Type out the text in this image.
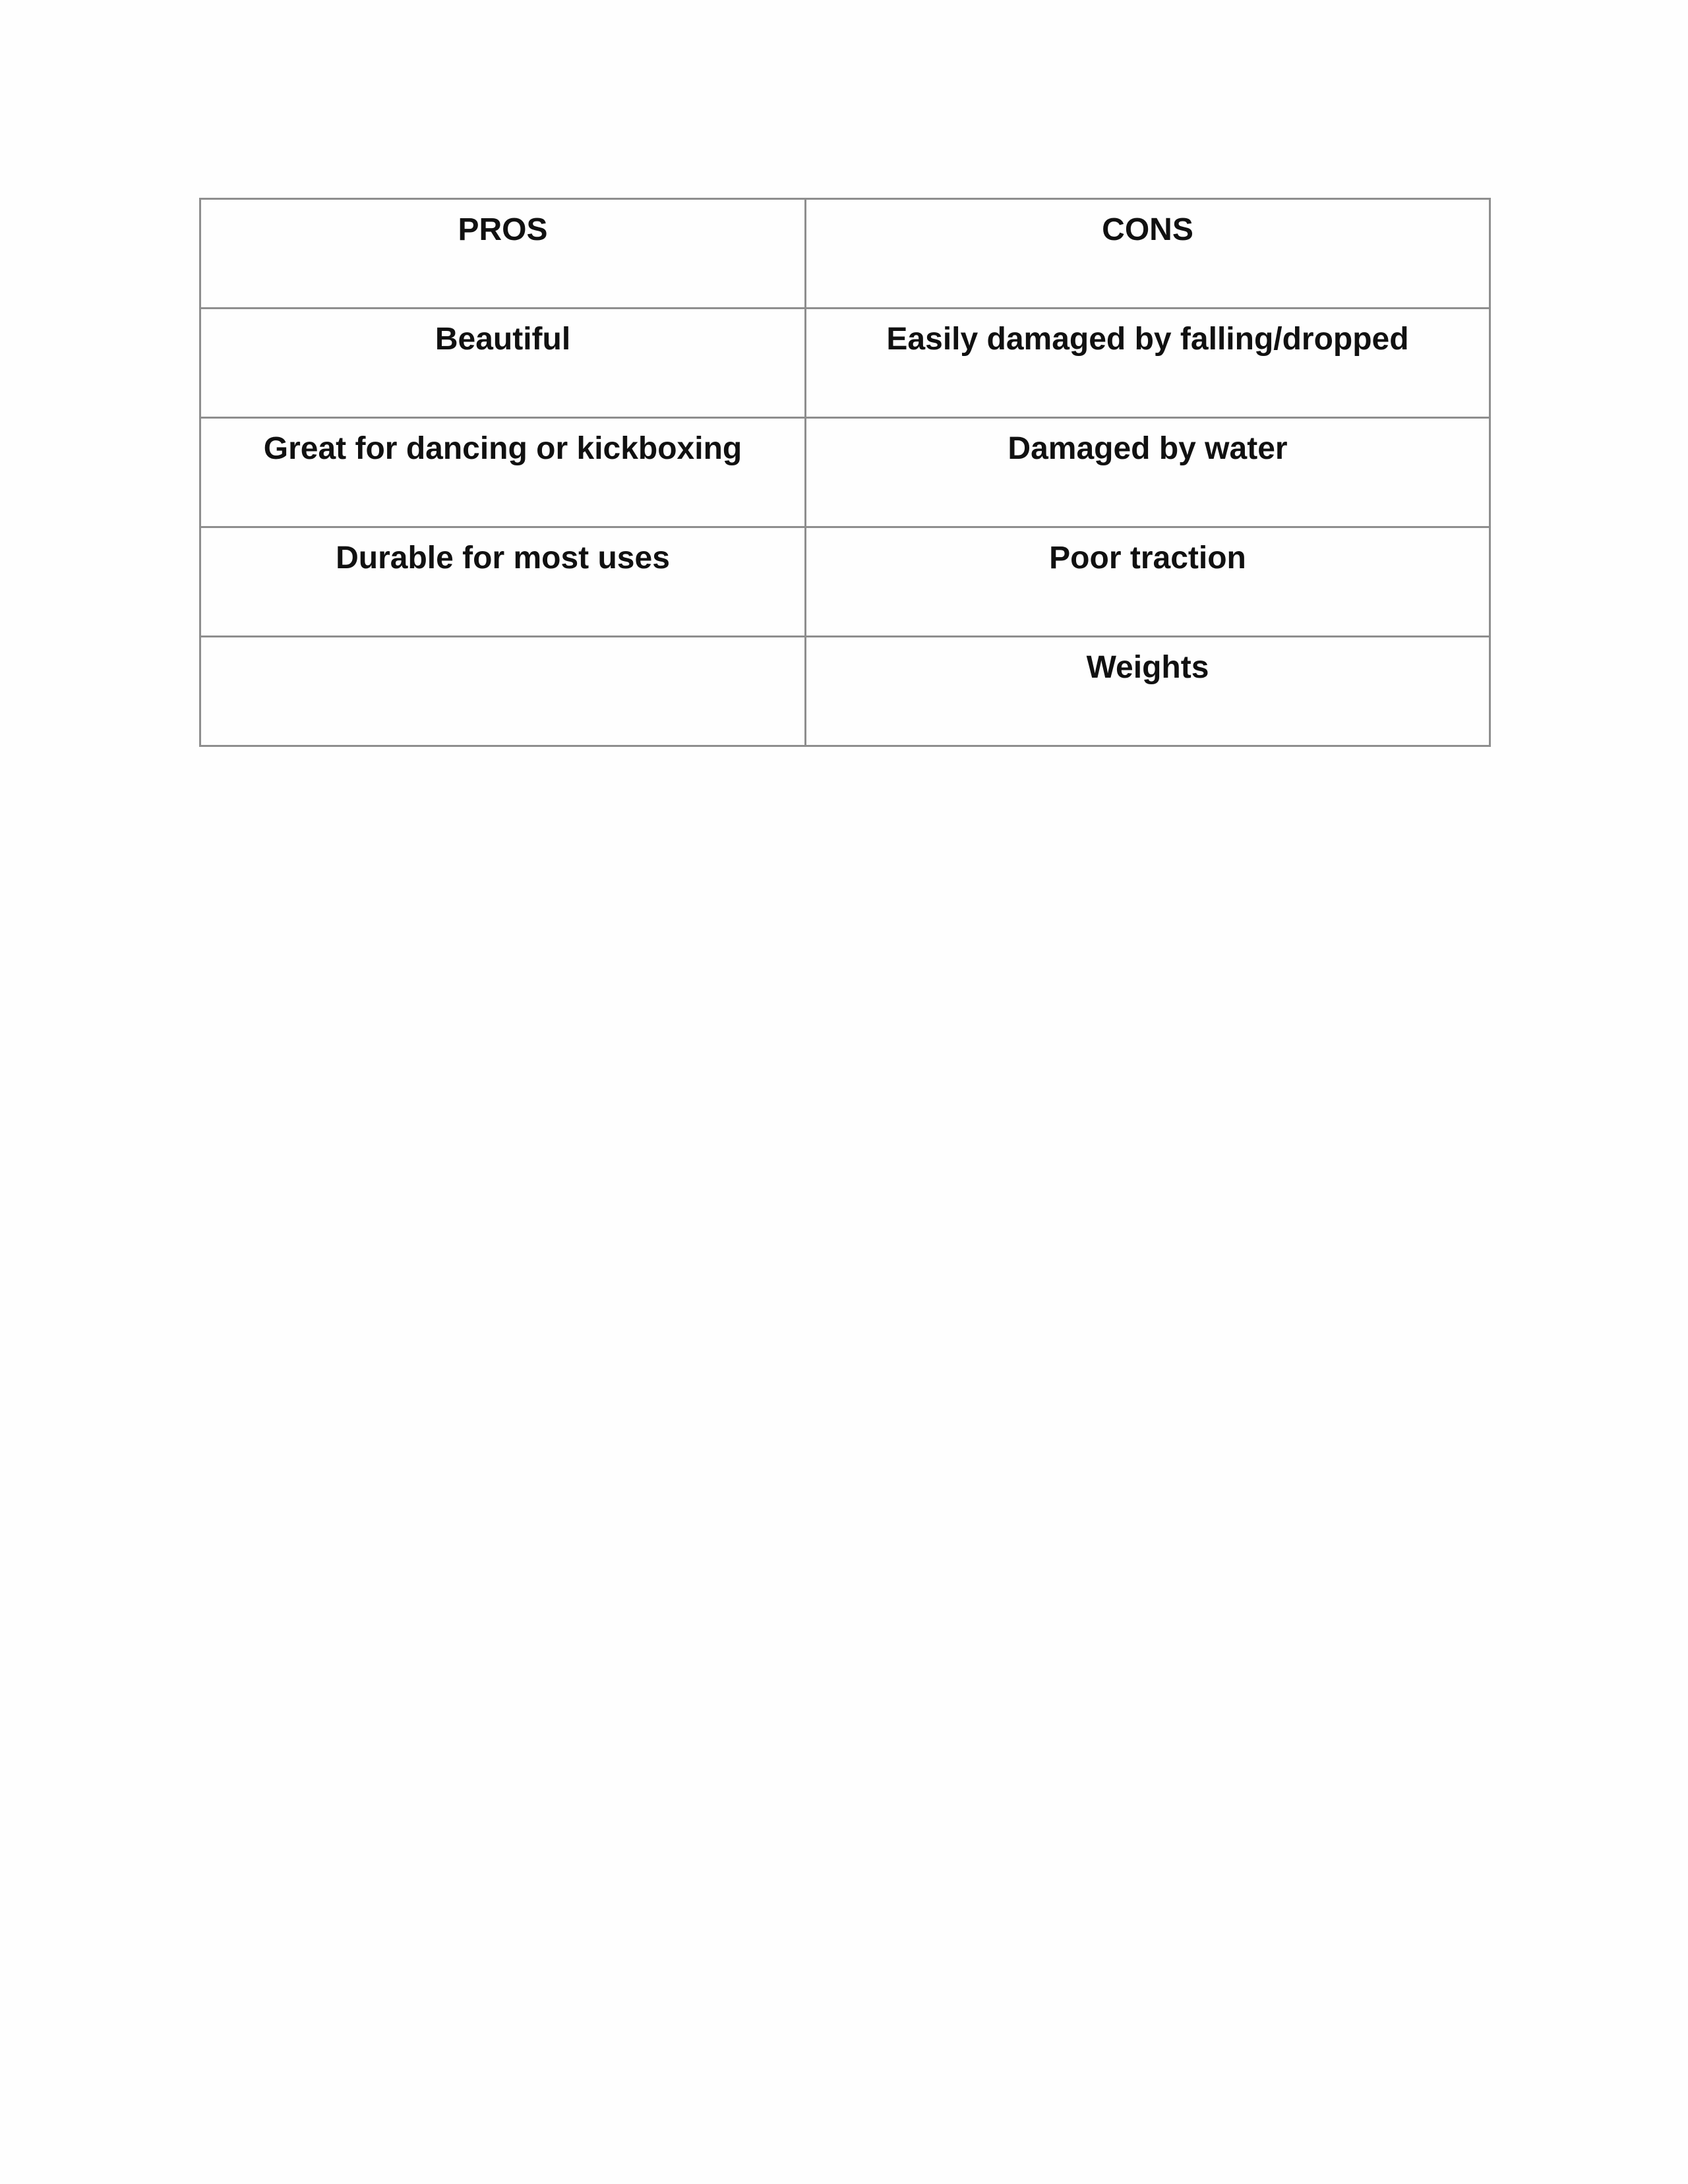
PROS	CONS
Beautiful	Easily damaged by falling/dropped
Great for dancing or kickboxing	Damaged by water
Durable for most uses	Poor traction
	Weights
